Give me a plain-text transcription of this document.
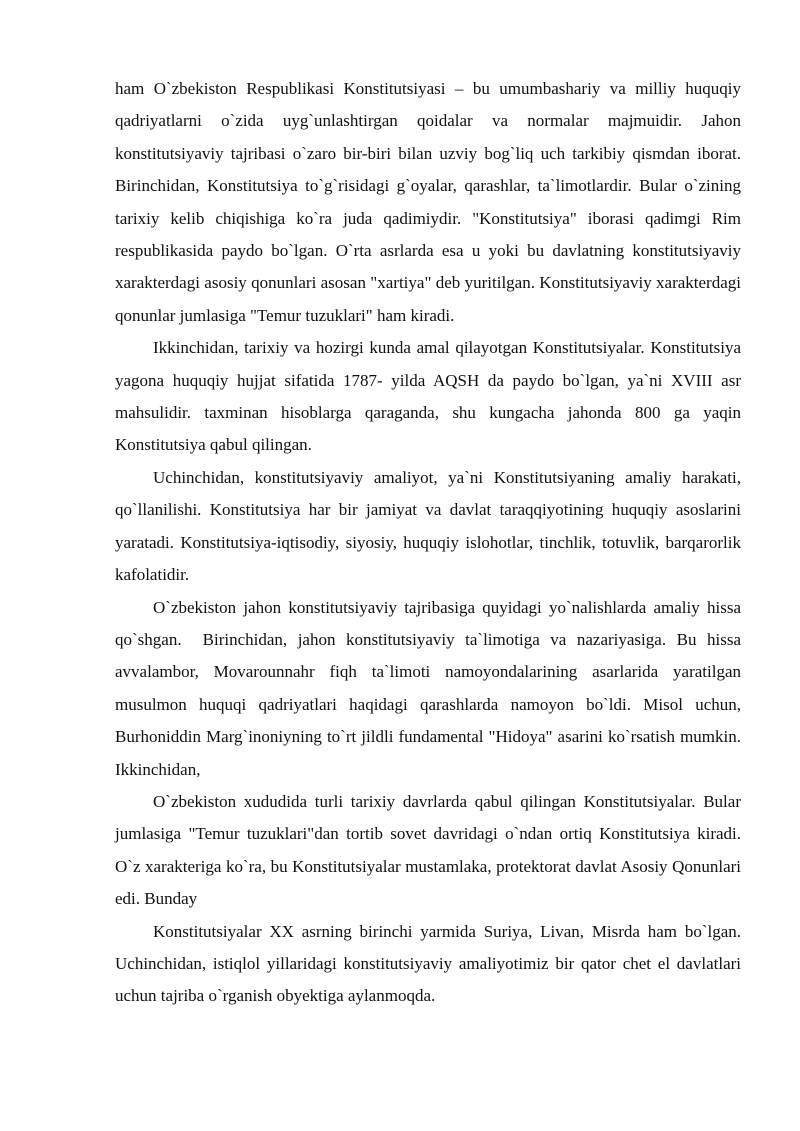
ham O`zbekiston Respublikasi Konstitutsiyasi – bu umumbashariy va milliy huquqiy qadriyatlarni o`zida uyg`unlashtirgan qoidalar va normalar majmuidir. Jahon konstitutsiyaviy tajribasi o`zaro bir-biri bilan uzviy bog`liq uch tarkibiy qismdan iborat. Birinchidan, Konstitutsiya to`g`risidagi g`oyalar, qarashlar, ta`limotlardir. Bular o`zining tarixiy kelib chiqishiga ko`ra juda qadimiydir. "Konstitutsiya" iborasi qadimgi Rim respublikasida paydo bo`lgan. O`rta asrlarda esa u yoki bu davlatning konstitutsiyaviy xarakterdagi asosiy qonunlari asosan "xartiya" deb yuritilgan. Konstitutsiyaviy xarakterdagi qonunlar jumlasiga "Temur tuzuklari" ham kiradi.

Ikkinchidan, tarixiy va hozirgi kunda amal qilayotgan Konstitutsiyalar. Konstitutsiya yagona huquqiy hujjat sifatida 1787- yilda AQSH da paydo bo`lgan, ya`ni XVIII asr mahsulidir. taxminan hisoblarga qaraganda, shu kungacha jahonda 800 ga yaqin Konstitutsiya qabul qilingan.

Uchinchidan, konstitutsiyaviy amaliyot, ya`ni Konstitutsiyaning amaliy harakati, qo`llanilishi. Konstitutsiya har bir jamiyat va davlat taraqqiyotining huquqiy asoslarini yaratadi. Konstitutsiya-iqtisodiy, siyosiy, huquqiy islohotlar, tinchlik, totuvlik, barqarorlik kafolatidir.

O`zbekiston jahon konstitutsiyaviy tajribasiga quyidagi yo`nalishlarda amaliy hissa qo`shgan.  Birinchidan, jahon konstitutsiyaviy ta`limotiga va nazariyasiga. Bu hissa avvalambor, Movarounnahr fiqh ta`limoti namoyondalarining asarlarida yaratilgan musulmon huquqi qadriyatlari haqidagi qarashlarda namoyon bo`ldi. Misol uchun, Burhoniddin Marg`inoniyning to`rt jildli fundamental "Hidoya" asarini ko`rsatish mumkin.         Ikkinchidan,

O`zbekiston xududida turli tarixiy davrlarda qabul qilingan Konstitutsiyalar. Bular jumlasiga "Temur tuzuklari"dan tortib sovet davridagi o`ndan ortiq Konstitutsiya kiradi. O`z xarakteriga ko`ra, bu Konstitutsiyalar mustamlaka, protektorat davlat Asosiy Qonunlari edi. Bunday

Konstitutsiyalar XX asrning birinchi yarmida Suriya, Livan, Misrda ham bo`lgan.            Uchinchidan, istiqlol yillaridagi konstitutsiyaviy amaliyotimiz bir qator chet el davlatlari uchun tajriba o`rganish obyektiga aylanmoqda.
